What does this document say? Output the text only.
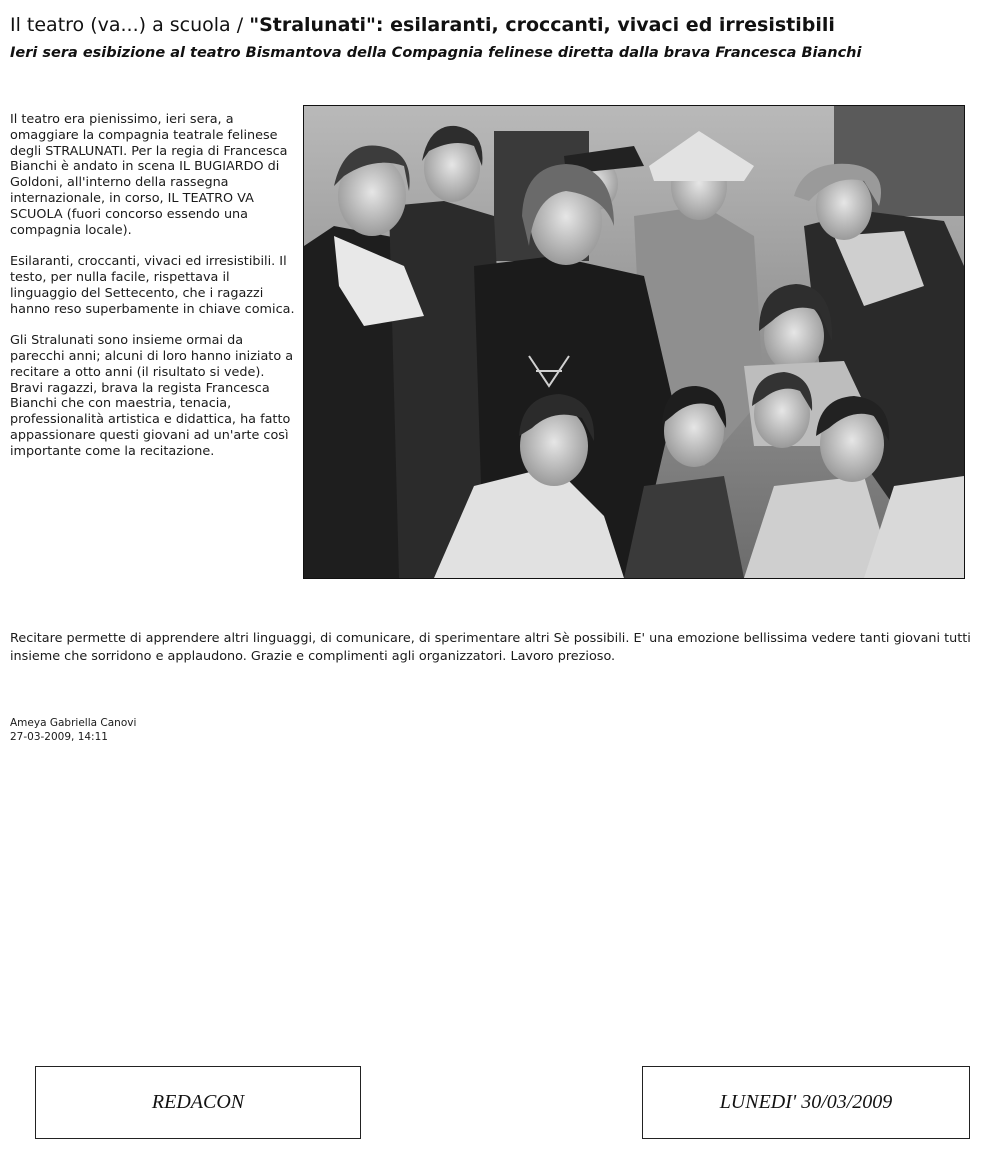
Il teatro (va...) a scuola / "Stralunati": esilaranti, croccanti, vivaci ed irresistibili
Ieri sera esibizione al teatro Bismantova della Compagnia felinese diretta dalla brava Francesca Bianchi

Il teatro era pienissimo, ieri sera, a omaggiare la compagnia teatrale felinese degli STRALUNATI. Per la regia di Francesca Bianchi è andato in scena IL BUGIARDO di Goldoni, all'interno della rassegna internazionale, in corso, IL TEATRO VA SCUOLA (fuori concorso essendo una compagnia locale).

Esilaranti, croccanti, vivaci ed irresistibili. Il testo, per nulla facile, rispettava il linguaggio del Settecento, che i ragazzi hanno reso superbamente in chiave comica.

Gli Stralunati sono insieme ormai da parecchi anni; alcuni di loro hanno iniziato a recitare a otto anni (il risultato si vede). Bravi ragazzi, brava la regista Francesca Bianchi che con maestria, tenacia, professionalità artistica e didattica, ha fatto appassionare questi giovani ad un'arte così importante come la recitazione.

Recitare permette di apprendere altri linguaggi, di comunicare, di sperimentare altri Sè possibili. E' una emozione bellissima vedere tanti giovani tutti insieme che sorridono e applaudono. Grazie e complimenti agli organizzatori. Lavoro prezioso.

Ameya Gabriella Canovi
27-03-2009, 14:11
REDACON	LUNEDI' 30/03/2009
